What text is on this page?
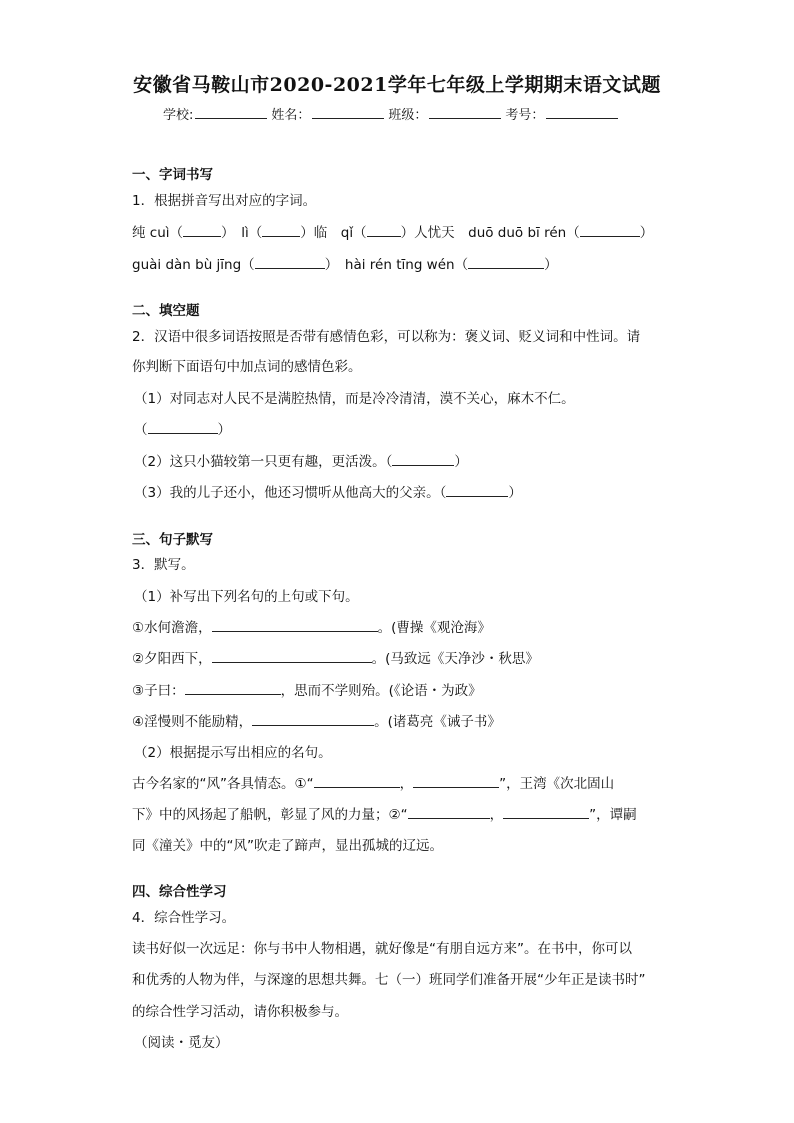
安徽省马鞍山市2020-2021学年七年级上学期期末语文试题
学校:	姓名：	班级：	考号：
一、字词书写
1．根据拼音写出对应的字词。
纯 cuì（	）　lì（	）临　qǐ（	）人忧天　duō duō bī rén（	）
guài dàn bù jīng（	）　hài rén tīng wén（	）
二、填空题
2．汉语中很多词语按照是否带有感情色彩，可以称为：褒义词、贬义词和中性词。请
你判断下面语句中加点词的感情色彩。
（1）对同志对人民不是满腔热情，而是冷冷清清，漠不关心，麻木不仁。
（	）
（2）这只小猫较第一只更有趣，更活泼。（	）
（3）我的儿子还小，他还习惯听从他高大的父亲。（	）
三、句子默写
3．默写。
（1）补写出下列名句的上句或下句。
①水何澹澹，	。(曹操《观沧海》
②夕阳西下，	。(马致远《天净沙・秋思》
③子曰：	，思而不学则殆。(《论语・为政》
④淫慢则不能励精，	。(诸葛亮《诫子书》
（2）根据提示写出相应的名句。
古今名家的“风”各具情态。①“	，	”，王湾《次北固山
下》中的风扬起了船帆，彰显了风的力量；②“	，	”，谭嗣
同《潼关》中的“风”吹走了蹄声，显出孤城的辽远。
四、综合性学习
4．综合性学习。
读书好似一次远足：你与书中人物相遇，就好像是“有朋自远方来”。在书中，你可以
和优秀的人物为伴，与深邃的思想共舞。七（一）班同学们准备开展“少年正是读书时”
的综合性学习活动，请你积极参与。
（阅读・觅友）
